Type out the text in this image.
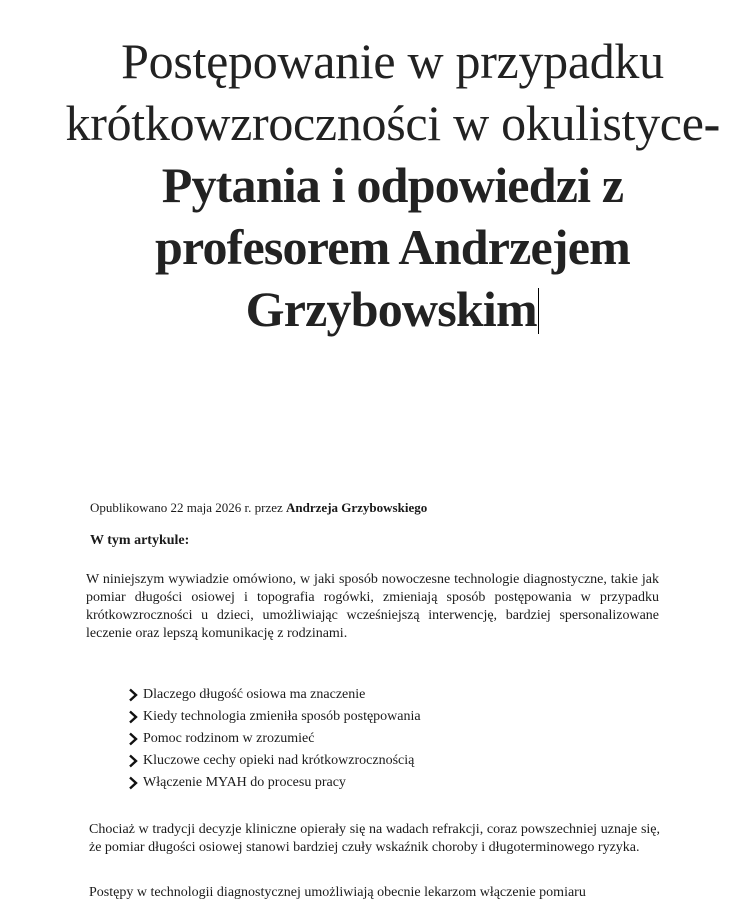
Postępowanie w przypadku krótkowzroczności w okulistyce- Pytania i odpowiedzi z profesorem Andrzejem Grzybowskim
Opublikowano 22 maja 2026 r. przez Andrzeja Grzybowskiego
W tym artykule:

W niniejszym wywiadzie omówiono, w jaki sposób nowoczesne technologie diagnostyczne, takie jak pomiar długości osiowej i topografia rogówki, zmieniają sposób postępowania w przypadku krótkowzroczności u dzieci, umożliwiając wcześniejszą interwencję, bardziej spersonalizowane leczenie oraz lepszą komunikację z rodzinami.

Dlaczego długość osiowa ma znaczenie
Kiedy technologia zmieniła sposób postępowania
Pomoc rodzinom w zrozumieć
Kluczowe cechy opieki nad krótkowzrocznością
Włączenie MYAH do procesu pracy

Chociaż w tradycji decyzje kliniczne opierały się na wadach refrakcji, coraz powszechniej uznaje się, że pomiar długości osiowej stanowi bardziej czuły wskaźnik choroby i długoterminowego ryzyka.

Postępy w technologii diagnostycznej umożliwiają obecnie lekarzom włączenie pomiaru
